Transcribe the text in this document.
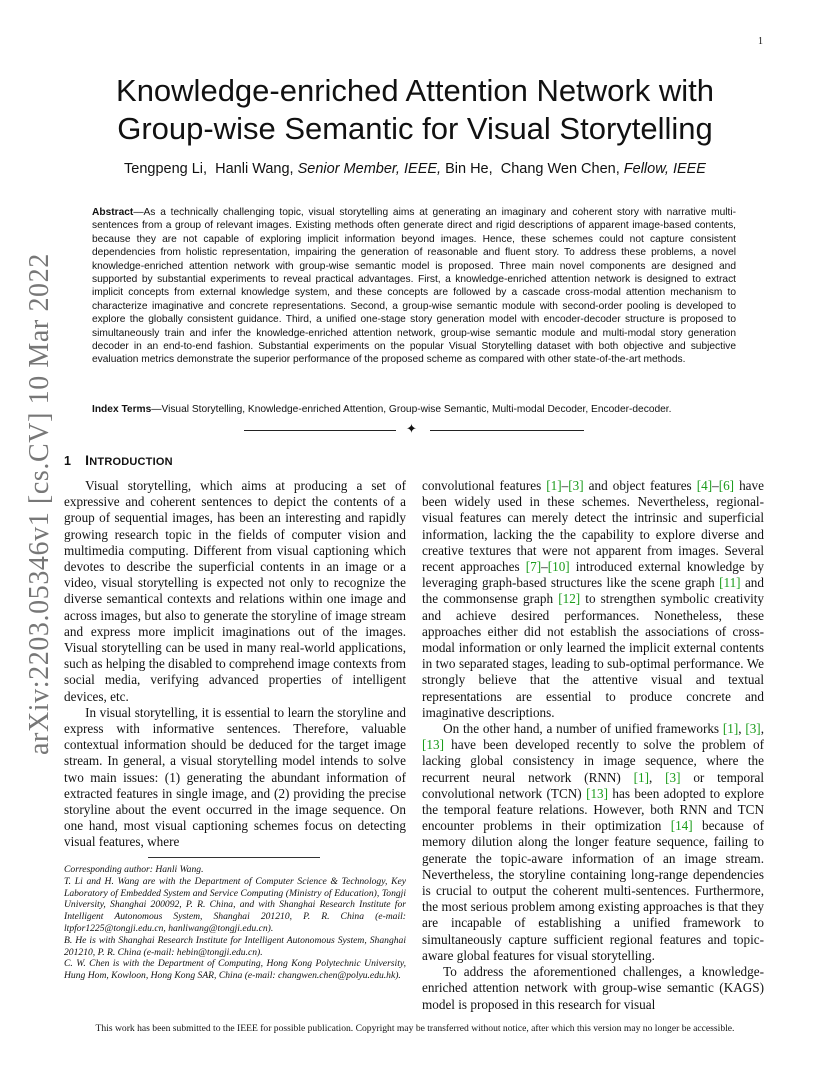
1
arXiv:2203.05346v1 [cs.CV] 10 Mar 2022
Knowledge-enriched Attention Network with
Group-wise Semantic for Visual Storytelling
Tengpeng Li, Hanli Wang, Senior Member, IEEE, Bin He, Chang Wen Chen, Fellow, IEEE
Abstract—As a technically challenging topic, visual storytelling aims at generating an imaginary and coherent story with narrative multi-sentences from a group of relevant images. Existing methods often generate direct and rigid descriptions of apparent image-based contents, because they are not capable of exploring implicit information beyond images. Hence, these schemes could not capture consistent dependencies from holistic representation, impairing the generation of reasonable and fluent story. To address these problems, a novel knowledge-enriched attention network with group-wise semantic model is proposed. Three main novel components are designed and supported by substantial experiments to reveal practical advantages. First, a knowledge-enriched attention network is designed to extract implicit concepts from external knowledge system, and these concepts are followed by a cascade cross-modal attention mechanism to characterize imaginative and concrete representations. Second, a group-wise semantic module with second-order pooling is developed to explore the globally consistent guidance. Third, a unified one-stage story generation model with encoder-decoder structure is proposed to simultaneously train and infer the knowledge-enriched attention network, group-wise semantic module and multi-modal story generation decoder in an end-to-end fashion. Substantial experiments on the popular Visual Storytelling dataset with both objective and subjective evaluation metrics demonstrate the superior performance of the proposed scheme as compared with other state-of-the-art methods.
Index Terms—Visual Storytelling, Knowledge-enriched Attention, Group-wise Semantic, Multi-modal Decoder, Encoder-decoder.
✦
1 INTRODUCTION

Visual storytelling, which aims at producing a set of expressive and coherent sentences to depict the contents of a group of sequential images, has been an interesting and rapidly growing research topic in the fields of computer vision and multimedia computing. Different from visual captioning which devotes to describe the superficial contents in an image or a video, visual storytelling is expected not only to recognize the diverse semantical contexts and relations within one image and across images, but also to generate the storyline of image stream and express more implicit imaginations out of the images. Visual storytelling can be used in many real-world applications, such as helping the disabled to comprehend image contexts from social media, verifying advanced properties of intelligent devices, etc.

In visual storytelling, it is essential to learn the storyline and express with informative sentences. Therefore, valuable contextual information should be deduced for the target image stream. In general, a visual storytelling model intends to solve two main issues: (1) generating the abundant information of extracted features in single image, and (2) providing the precise storyline about the event occurred in the image sequence. On one hand, most visual captioning schemes focus on detecting visual features, where

convolutional features [1]–[3] and object features [4]–[6] have been widely used in these schemes. Nevertheless, regional-visual features can merely detect the intrinsic and superficial information, lacking the the capability to explore diverse and creative textures that were not apparent from images. Several recent approaches [7]–[10] introduced external knowledge by leveraging graph-based structures like the scene graph [11] and the commonsense graph [12] to strengthen symbolic creativity and achieve desired performances. Nonetheless, these approaches either did not establish the associations of cross-modal information or only learned the implicit external contents in two separated stages, leading to sub-optimal performance. We strongly believe that the attentive visual and textual representations are essential to produce concrete and imaginative descriptions.

On the other hand, a number of unified frameworks [1], [3], [13] have been developed recently to solve the problem of lacking global consistency in image sequence, where the recurrent neural network (RNN) [1], [3] or temporal convolutional network (TCN) [13] has been adopted to explore the temporal feature relations. However, both RNN and TCN encounter problems in their optimization [14] because of memory dilution along the longer feature sequence, failing to generate the topic-aware information of an image stream. Nevertheless, the storyline containing long-range dependencies is crucial to output the coherent multi-sentences. Furthermore, the most serious problem among existing approaches is that they are incapable of establishing a unified framework to simultaneously capture sufficient regional features and topic-aware global features for visual storytelling.

To address the aforementioned challenges, a knowledge-enriched attention network with group-wise semantic (KAGS) model is proposed in this research for visual

Corresponding author: Hanli Wang.
T. Li and H. Wang are with the Department of Computer Science & Technology, Key Laboratory of Embedded System and Service Computing (Ministry of Education), Tongji University, Shanghai 200092, P. R. China, and with Shanghai Research Institute for Intelligent Autonomous System, Shanghai 201210, P. R. China (e-mail: ltpfor1225@tongji.edu.cn, hanliwang@tongji.edu.cn).
B. He is with Shanghai Research Institute for Intelligent Autonomous System, Shanghai 201210, P. R. China (e-mail: hebin@tongji.edu.cn).
C. W. Chen is with the Department of Computing, Hong Kong Polytechnic University, Hung Hom, Kowloon, Hong Kong SAR, China (e-mail: changwen.chen@polyu.edu.hk).
This work has been submitted to the IEEE for possible publication. Copyright may be transferred without notice, after which this version may no longer be accessible.
